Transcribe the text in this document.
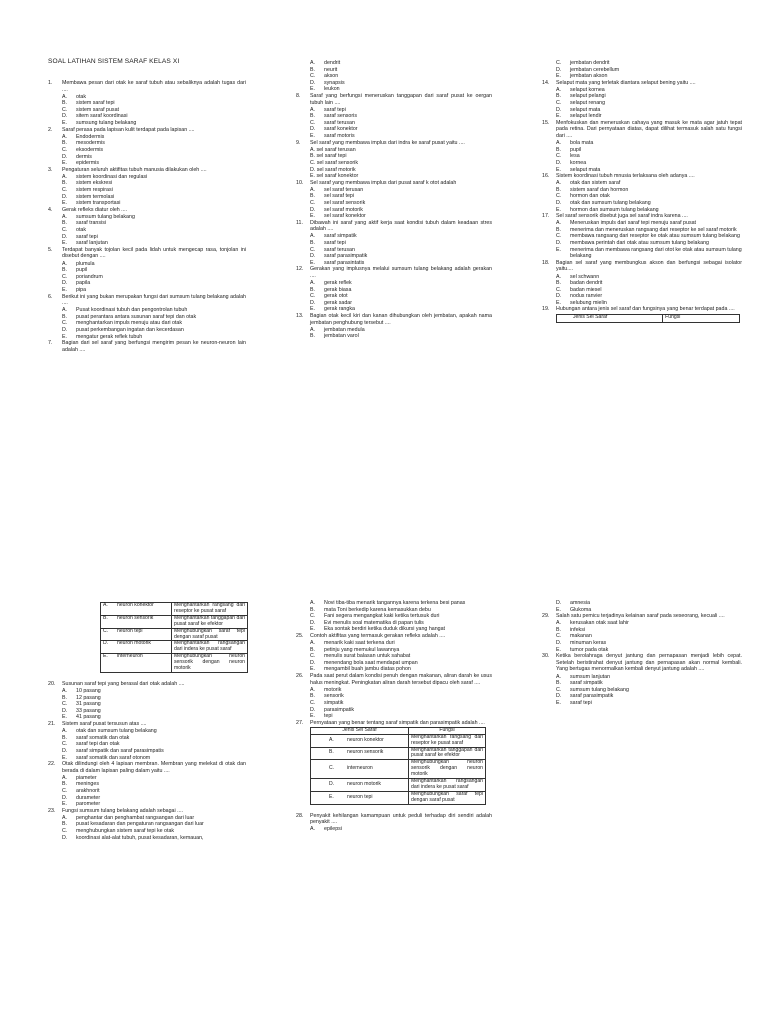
SOAL LATIHAN SISTEM SARAF KELAS XI
1.	Membawa pesan dari otak ke saraf tubuh atau sebaliknya adalah tugas dari ....
A.	otak
B.	sistem saraf tepi
C.	sistem saraf pusat
D.	sitem saraf koordinasi
E.	sumsung tulang belakang
2.	Saraf perasa pada lapisan kulit terdapat pada lapisan ....
A.	Endodermis
B.	mesodermis
C.	eksodermis
D.	dermis
E.	epidermis
3.	Pengaturan seluruh aktifitas tubuh manusia dilakukan oleh ....
A.	sistem koordinasi dan regulasi
B.	sistem ekskresi
C.	sistem respirasi
D.	sistem termolasi
E.	sistem transportasi
4.	Gerak refleks diatur oleh ....
A.	sumsum tulang belakang
B.	saraf transisi
C.	otak
D.	saraf tepi
E.	saraf lanjutan
5.	Terdapat banyak tojolan kecil pada lidah untuk mengecap rasa, tonjolan ini disebut dengan ....
A.	plumula
B.	pupil
C.	poriandrum
D.	papila
E.	pipa
6.	Berikut ini yang bukan merupakan fungsi dari sumsum tulang belakang adalah ....
A.	Pusat koordinasi tubuh dan pengontrolan tubuh
B.	pusat perantara antara susunan saraf tepi dan otak
C.	menghantarkan impuls menuju atau dari otak
D.	pusat perkembangan ingatan dan kecerdasan
E.	mengatur gerak reflek tubuh
7.	Bagian dari sel saraf yang berfungsi mengirim pesan ke neuron-neuron lain adalah ....
A.	dendrit
B.	neurit
C.	akson
D.	synapsis
E.	leukon
8.	Saraf yang berfungsi meneruskan tanggapan dari saraf pusat ke oergan tubuh lain ....
A.	saraf tepi
B.	saraf sensoris
C.	saraf terusan
D.	saraf konektor
E.	saraf motoris
9.	Sel saraf yang membawa implus dari indra ke saraf pusat yaitu ....
A. sel saraf terusan
B. sel saraf tepi
C. sel saraf sensorik
D. sel saraf motorik
E. sel saraf konektor
10.	Sel saraf yang membawa implus dari pusat saraf k otot adalah
A.	sel saraf terusan
B.	sel saraf tepi
C.	sel saraf sensorik
D.	sel saraf motorik
E.	sel saraf konektor
11.	Dibawah ini saraf yang aktif kerja saat kondisi tubuh dalam keadaan stres adalah ....
A.	saraf simpatik
B.	saraf tepi
C.	saraf terusan
D.	saraf parasimpatik
E.	saraf parasintatis
12.	Gerakan yang implusnya melalui sumsum tulang belakang adalah gerakan ....
A.	gerak reflek
B.	gerak biasa
C.	gerak otot
D.	gerak sadar
E.	gerak rangka
13.	Bagian otak kecil kiri dan kanan dihubungkan oleh jembatan, apakah nama jembatan penghubung tersebut ....
A.	jembatan medula
B.	jembatan varol
C.	jembatan dendrit
D.	jembatan cerebellum
E.	jembatan akson
14.	Selaput mata yang terletak diantara selaput bening yaitu ....
A.	selaput kornea
B.	selaput pelangi
C.	selaput renang
D.	selaput mata
E.	selaput lendir
15.	Menfokuskan dan meneruskan cahaya yang masuk ke mata agar jatuh tepat pada retina. Dari pernyataan diatas, dapat dilihat termasuk salah satu fungsi dari ....
A.	bola mata
B.	pupil
C.	lesa
D.	kornea
E.	selaput mata
16.	Sistem koordinasi tubuh mnusia terlaksana oleh adanya ....
A.	otak dan sistem saraf
B.	sistem saraf dan hormon
C.	hormon dan otak
D.	otak dan sumsum tulang belakang
E.	hormon dan sumsum tulang belakang
17.	Sel saraf sensorik disebut juga sel saraf indra karena ....
A.	Meneruskan impuls dari saraf tepi menuju saraf pusat
B.	menerima dan meneruskan rangsang dari reseptor ke sel saraf motorik
C.	membawa rangsang dari reseptor ke otak atau sumsum tulang belakang
D.	membawa perintah dari otak atau sumsum tulang belakang
E.	menerima dan membawa rangsang dari otot ke otak atau sumsum tulang belakang
18.	Bagian sel saraf yang membungkus akson dan berfungsi sebagai isolator yaitu....
A.	sel schwann
B.	badan dendrit
C.	badan miesel
D.	nodus ranvier
E.	selubung mielin
19.	Hubungan antara jenis sel saraf dan fungsinya yang benar terdapat pada ....
Jenis Sel Saraf	Fungsi
A. neuron konektor	Menghantarkan rangsang dari reseptor ke pusat saraf
B. neuron sensorik	Menghantarkan tanggapan dari pusat saraf ke efektor
C. neuron tepi	Menghubungkan saraf tepi dengan saraf pusat
D. neuron motorik	Menghantarkan rangsangan dari indera ke pusat saraf
E. interneuron	Menghubungkan neuron sensorik dengan neuron motorik
20.	Susunan saraf tepi yang berasal dari otak adalah ....
A.	10 pasang
B.	12 pasang
C.	31 pasang
D.	33 pasang
E.	41 pasang
21.	Sistem saraf pusat tersusun atas ....
A.	otak dan sumsum tulang belakang
B.	saraf somatik dan otak
C.	saraf tepi dan otak
D.	saraf simpatik dan saraf parasimpatis
E.	saraf somatik dan saraf otonom
22.	Otak dilindungi oleh 4 lapisan membran. Membran yang melekat di otak dan berada di dalam lapisan paling dalam yaitu ....
A.	piameter
B.	meninges
C.	arakhnorit
D.	durameter
E.	parometer
23.	Fungsi sumsum tulang belakang adalah sebagai ....
A.	penghantar dan penghambat rangsangan dari luar
B.	pusat kesadaran dan pengaturan rangsangan dari luar
C.	menghubungkan sistem saraf tepi ke otak
D.	koordinasi alat-alat tubuh, pusat kesadaran, kemauan,
A.	Novi tiba-tiba menarik tangannya karena terkena besi panas
B.	mata Toni berkedip karena kemasukkan debu
C.	Fani segera mengangkat kaki ketika tertusuk duri
D.	Evi menulis soal matematika di papan tulis
E.	Eka sontak berdiri ketika duduk dikursi yang hangat
25.	Contoh aktifitas yang termasuk gerakan refleks adalah ....
A.	menarik kaki saat terkena duri
B.	petinju yang memukul lawannya
C.	menulis surat balasan untuk sahabat
D.	menendang bola saat mendapat umpan
E.	mengambil buah jambu diatas pohon
26.	Pada saat perut dalam kondisi penuh dengan makanan, aliran darah ke usus halus meningkat. Peningkatan aliran darah tersebut dipacu oleh saraf ....
A.	motorik
B.	sensorik
C.	simpatik
D.	parasimpatik
E.	tepi
27.	Pernyataan yang benar tentang saraf simpatik dan parasimpatik adalah ....
Jenis Sel Saraf		Fungsi
A.	neuron konektor	Menghantarkan rangsang dari reseptor ke pusat saraf
B.	neuron sensorik	Menghantarkan tanggapan dari pusat saraf ke efektor
C.	interneuron	Menghubungkan neuron sensorik dengan neuron motorik
D.	neuron motorik	Menghantarkan rangsangan dari indera ke pusat saraf
E.	neuron tepi	Menghubungkan saraf tepi dengan saraf pusat
28.	Penyakit kehilangan kamampuan untuk peduli terhadap diri sendiri adalah penyakit ....
A.	epilepsi
D.	amnesia
E.	Glukoma
29.	Salah satu pemicu terjadinya kelainan saraf pada seseorang, kecuali ....
A.	kerusakan otak saat lahir
B.	infeksi
C.	makanan
D.	minuman keras
E.	tumor pada otak
30.	Ketika berolahraga denyut jantung dan pernapasan menjadi lebih cepat. Setelah beristirahat denyut jantung dan pernapasan akan normal kembali. Yang bertugas menormalkan kembali denyut jantung adalah ....
A.	sumsum lanjutan
B.	saraf simpatik
C.	sumsum tulang belakang
D.	saraf parasimpatik
E.	saraf tepi
